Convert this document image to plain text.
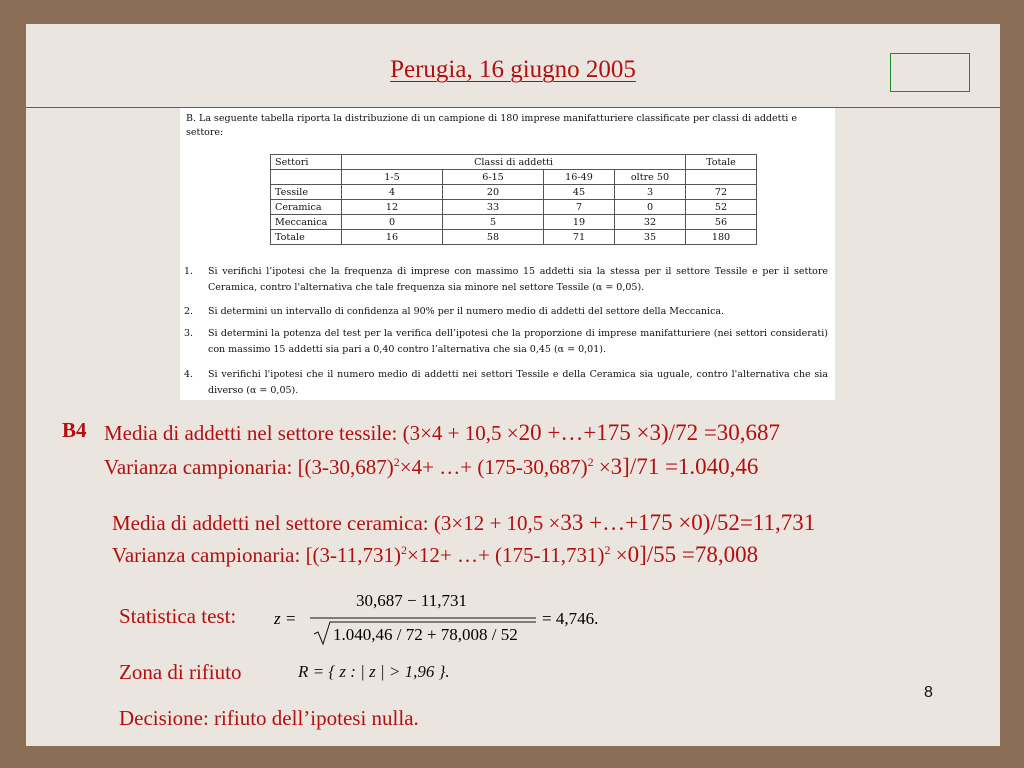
Perugia, 16 giugno 2005
B. La seguente tabella riporta la distribuzione di un campione di 180 imprese manifatturiere classificate per classi di addetti e settore:
Settori	Classi di addetti				Totale
	1-5	6-15	16-49	oltre 50	
Tessile	4	20	45	3	72
Ceramica	12	33	7	0	52
Meccanica	0	5	19	32	56
Totale	16	58	71	35	180
1. Si verifichi l’ipotesi che la frequenza di imprese con massimo 15 addetti sia la stessa per il settore Tessile e per il settore Ceramica, contro l'alternativa che tale frequenza sia minore nel settore Tessile (α = 0,05).
2. Si determini un intervallo di confidenza al 90% per il numero medio di addetti del settore della Meccanica.
3. Si determini la potenza del test per la verifica dell’ipotesi che la proporzione di imprese manifatturiere (nei settori considerati) con massimo 15 addetti sia pari a 0,40 contro l’alternativa che sia 0,45 (α = 0,01).
4. Si verifichi l'ipotesi che il numero medio di addetti nei settori Tessile e della Ceramica sia uguale, contro l'alternativa che sia diverso (α = 0,05).
B4 Media di addetti nel settore tessile: (3×4 + 10,5 ×20 +…+175 ×3)/72 =30,687
Varianza campionaria: [$(3-30,687)^2\times 4+$ …+ $(175-30,687)^2 \times 3]/71 =1.040,46$
Media di addetti nel settore ceramica: (3×12 + 10,5 ×33 +…+175 ×0)/52=11,731
Varianza campionaria: [$(3-11,731)^2\times 12+$ …+ $(175-11,731)^2 \times 0]/55 =78,008$
Statistica test: z =
30,687 − 11,731
1.040,46 / 72 + 78,008 / 52
= 4,746.
Zona di rifiuto	R = { z : | z | > 1,96 }.
Decisione: rifiuto dell’ipotesi nulla.
8
